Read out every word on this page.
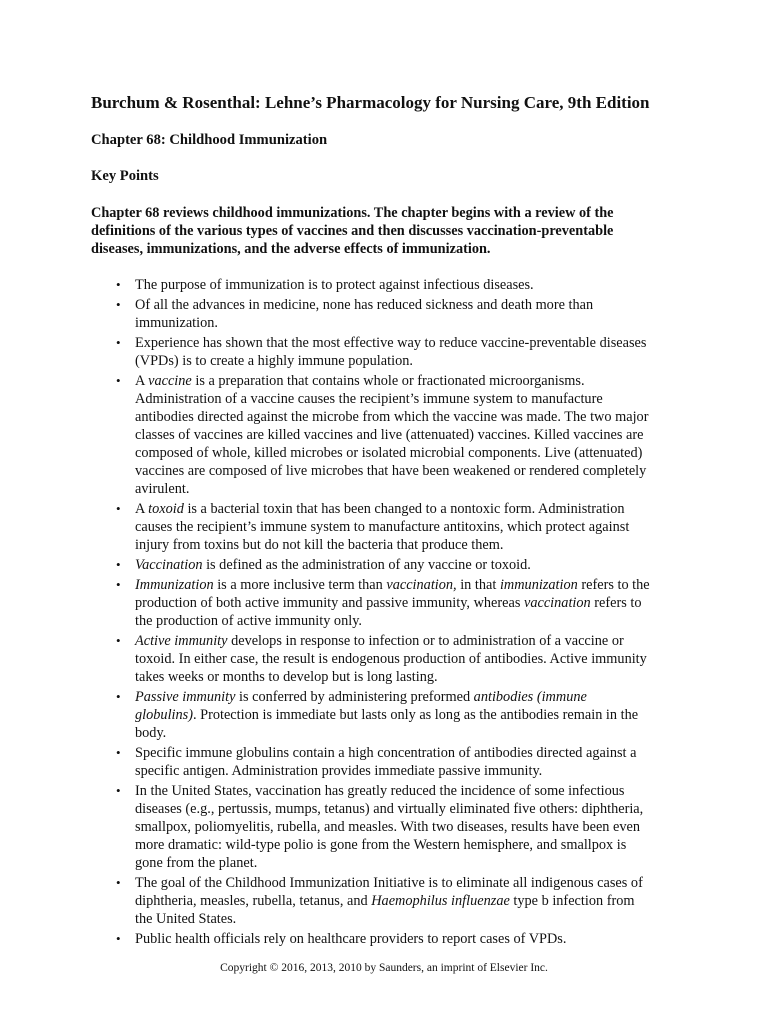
Burchum & Rosenthal: Lehne’s Pharmacology for Nursing Care, 9th Edition
Chapter 68: Childhood Immunization
Key Points
Chapter 68 reviews childhood immunizations. The chapter begins with a review of the
definitions of the various types of vaccines and then discusses vaccination-preventable
diseases, immunizations, and the adverse effects of immunization.
• The purpose of immunization is to protect against infectious diseases.
• Of all the advances in medicine, none has reduced sickness and death more than
immunization.
• Experience has shown that the most effective way to reduce vaccine-preventable diseases
(VPDs) is to create a highly immune population.
• A vaccine is a preparation that contains whole or fractionated microorganisms.
Administration of a vaccine causes the recipient’s immune system to manufacture
antibodies directed against the microbe from which the vaccine was made. The two major
classes of vaccines are killed vaccines and live (attenuated) vaccines. Killed vaccines are
composed of whole, killed microbes or isolated microbial components. Live (attenuated)
vaccines are composed of live microbes that have been weakened or rendered completely
avirulent.
• A toxoid is a bacterial toxin that has been changed to a nontoxic form. Administration
causes the recipient’s immune system to manufacture antitoxins, which protect against
injury from toxins but do not kill the bacteria that produce them.
• Vaccination is defined as the administration of any vaccine or toxoid.
• Immunization is a more inclusive term than vaccination, in that immunization refers to the
production of both active immunity and passive immunity, whereas vaccination refers to
the production of active immunity only.
• Active immunity develops in response to infection or to administration of a vaccine or
toxoid. In either case, the result is endogenous production of antibodies. Active immunity
takes weeks or months to develop but is long lasting.
• Passive immunity is conferred by administering preformed antibodies (immune
globulins). Protection is immediate but lasts only as long as the antibodies remain in the
body.
• Specific immune globulins contain a high concentration of antibodies directed against a
specific antigen. Administration provides immediate passive immunity.
• In the United States, vaccination has greatly reduced the incidence of some infectious
diseases (e.g., pertussis, mumps, tetanus) and virtually eliminated five others: diphtheria,
smallpox, poliomyelitis, rubella, and measles. With two diseases, results have been even
more dramatic: wild-type polio is gone from the Western hemisphere, and smallpox is
gone from the planet.
• The goal of the Childhood Immunization Initiative is to eliminate all indigenous cases of
diphtheria, measles, rubella, tetanus, and Haemophilus influenzae type b infection from
the United States.
• Public health officials rely on healthcare providers to report cases of VPDs.
Copyright © 2016, 2013, 2010 by Saunders, an imprint of Elsevier Inc.
